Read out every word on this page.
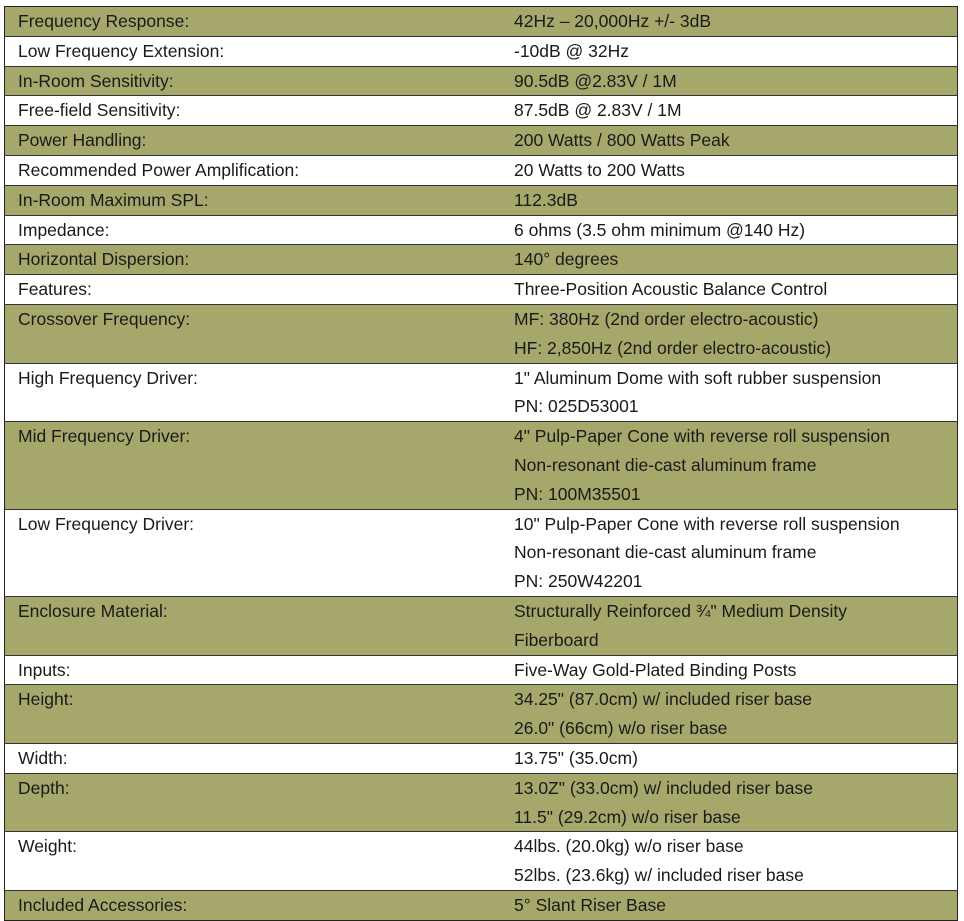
Frequency Response:	42Hz – 20,000Hz +/- 3dB

Low Frequency Extension:	-10dB @ 32Hz

In-Room Sensitivity:	90.5dB @2.83V / 1M

Free-field Sensitivity:	87.5dB @ 2.83V / 1M

Power Handling:	200 Watts / 800 Watts Peak

Recommended Power Amplification:	20 Watts to 200 Watts

In-Room Maximum SPL:	112.3dB

Impedance:	6 ohms (3.5 ohm minimum @140 Hz)

Horizontal Dispersion:	140° degrees

Features:	Three-Position Acoustic Balance Control

Crossover Frequency:	MF: 380Hz (2nd order electro-acoustic)
HF: 2,850Hz (2nd order electro-acoustic)

High Frequency Driver:	1" Aluminum Dome with soft rubber suspension
PN: 025D53001

Mid Frequency Driver:	4" Pulp-Paper Cone with reverse roll suspension
Non-resonant die-cast aluminum frame
PN: 100M35501

Low Frequency Driver:	10" Pulp-Paper Cone with reverse roll suspension
Non-resonant die-cast aluminum frame
PN: 250W42201

Enclosure Material:	Structurally Reinforced ¾" Medium Density
Fiberboard

Inputs:	Five-Way Gold-Plated Binding Posts

Height:	34.25" (87.0cm) w/ included riser base
26.0" (66cm) w/o riser base

Width:	13.75" (35.0cm)

Depth:	13.0Z" (33.0cm) w/ included riser base
11.5" (29.2cm) w/o riser base

Weight:	44lbs. (20.0kg) w/o riser base
52lbs. (23.6kg) w/ included riser base

Included Accessories:	5° Slant Riser Base
